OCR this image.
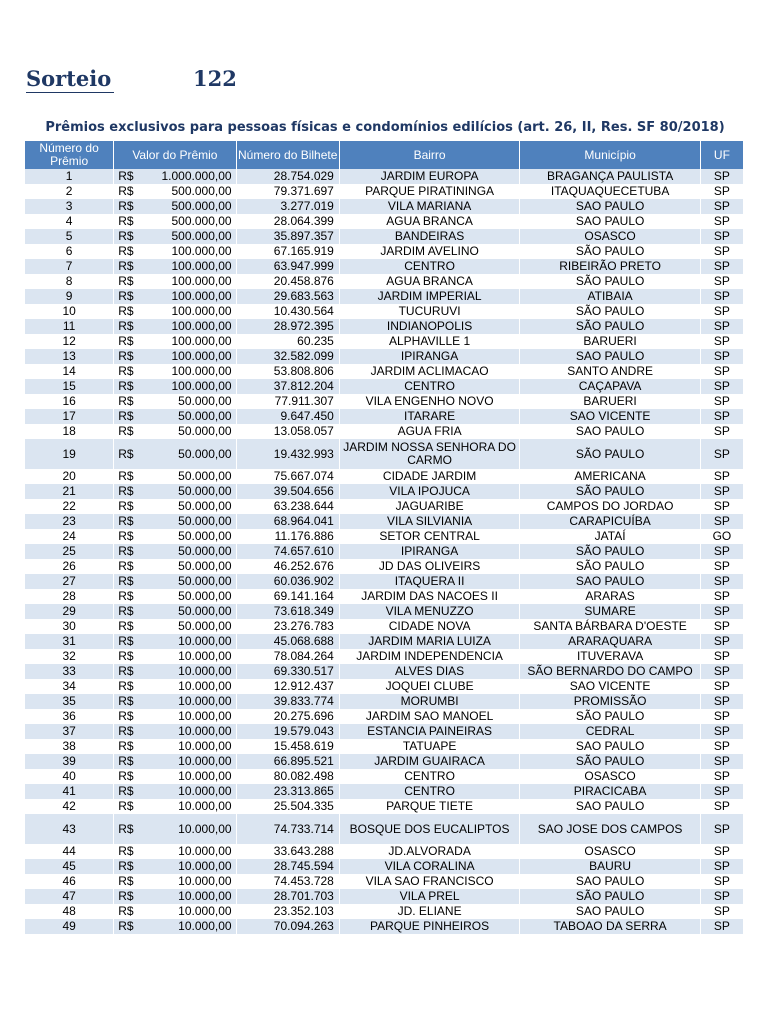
Sorteio	122
Prêmios exclusivos para pessoas físicas e condomínios edilícios (art. 26, II, Res. SF 80/2018)
Número do Prêmio	Valor do Prêmio	Número do Bilhete	Bairro	Município	UF
1	R$ 1.000.000,00	28.754.029	JARDIM EUROPA	BRAGANÇA PAULISTA	SP
2	R$ 500.000,00	79.371.697	PARQUE PIRATININGA	ITAQUAQUECETUBA	SP
3	R$ 500.000,00	3.277.019	VILA MARIANA	SAO PAULO	SP
4	R$ 500.000,00	28.064.399	AGUA BRANCA	SAO PAULO	SP
5	R$ 500.000,00	35.897.357	BANDEIRAS	OSASCO	SP
6	R$ 100.000,00	67.165.919	JARDIM AVELINO	SÃO PAULO	SP
7	R$ 100.000,00	63.947.999	CENTRO	RIBEIRÃO PRETO	SP
8	R$ 100.000,00	20.458.876	AGUA BRANCA	SÃO PAULO	SP
9	R$ 100.000,00	29.683.563	JARDIM IMPERIAL	ATIBAIA	SP
10	R$ 100.000,00	10.430.564	TUCURUVI	SÃO PAULO	SP
11	R$ 100.000,00	28.972.395	INDIANOPOLIS	SÃO PAULO	SP
12	R$ 100.000,00	60.235	ALPHAVILLE 1	BARUERI	SP
13	R$ 100.000,00	32.582.099	IPIRANGA	SAO PAULO	SP
14	R$ 100.000,00	53.808.806	JARDIM ACLIMACAO	SANTO ANDRE	SP
15	R$ 100.000,00	37.812.204	CENTRO	CAÇAPAVA	SP
16	R$ 50.000,00	77.911.307	VILA ENGENHO NOVO	BARUERI	SP
17	R$ 50.000,00	9.647.450	ITARARE	SAO VICENTE	SP
18	R$ 50.000,00	13.058.057	AGUA FRIA	SAO PAULO	SP
19	R$ 50.000,00	19.432.993	JARDIM NOSSA SENHORA DO CARMO	SÃO PAULO	SP
20	R$ 50.000,00	75.667.074	CIDADE JARDIM	AMERICANA	SP
21	R$ 50.000,00	39.504.656	VILA IPOJUCA	SÃO PAULO	SP
22	R$ 50.000,00	63.238.644	JAGUARIBE	CAMPOS DO JORDAO	SP
23	R$ 50.000,00	68.964.041	VILA SILVIANIA	CARAPICUÍBA	SP
24	R$ 50.000,00	11.176.886	SETOR CENTRAL	JATAÍ	GO
25	R$ 50.000,00	74.657.610	IPIRANGA	SÃO PAULO	SP
26	R$ 50.000,00	46.252.676	JD DAS OLIVEIRS	SÃO PAULO	SP
27	R$ 50.000,00	60.036.902	ITAQUERA II	SAO PAULO	SP
28	R$ 50.000,00	69.141.164	JARDIM DAS NACOES II	ARARAS	SP
29	R$ 50.000,00	73.618.349	VILA MENUZZO	SUMARE	SP
30	R$ 50.000,00	23.276.783	CIDADE NOVA	SANTA BÁRBARA D'OESTE	SP
31	R$ 10.000,00	45.068.688	JARDIM MARIA LUIZA	ARARAQUARA	SP
32	R$ 10.000,00	78.084.264	JARDIM INDEPENDENCIA	ITUVERAVA	SP
33	R$ 10.000,00	69.330.517	ALVES DIAS	SÃO BERNARDO DO CAMPO	SP
34	R$ 10.000,00	12.912.437	JOQUEI CLUBE	SAO VICENTE	SP
35	R$ 10.000,00	39.833.774	MORUMBI	PROMISSÃO	SP
36	R$ 10.000,00	20.275.696	JARDIM SAO MANOEL	SÃO PAULO	SP
37	R$ 10.000,00	19.579.043	ESTANCIA PAINEIRAS	CEDRAL	SP
38	R$ 10.000,00	15.458.619	TATUAPE	SAO PAULO	SP
39	R$ 10.000,00	66.895.521	JARDIM GUAIRACA	SÃO PAULO	SP
40	R$ 10.000,00	80.082.498	CENTRO	OSASCO	SP
41	R$ 10.000,00	23.313.865	CENTRO	PIRACICABA	SP
42	R$ 10.000,00	25.504.335	PARQUE TIETE	SAO PAULO	SP
43	R$ 10.000,00	74.733.714	BOSQUE DOS EUCALIPTOS	SAO JOSE DOS CAMPOS	SP
44	R$ 10.000,00	33.643.288	JD.ALVORADA	OSASCO	SP
45	R$ 10.000,00	28.745.594	VILA CORALINA	BAURU	SP
46	R$ 10.000,00	74.453.728	VILA SAO FRANCISCO	SAO PAULO	SP
47	R$ 10.000,00	28.701.703	VILA PREL	SÃO PAULO	SP
48	R$ 10.000,00	23.352.103	JD. ELIANE	SAO PAULO	SP
49	R$ 10.000,00	70.094.263	PARQUE PINHEIROS	TABOAO DA SERRA	SP
